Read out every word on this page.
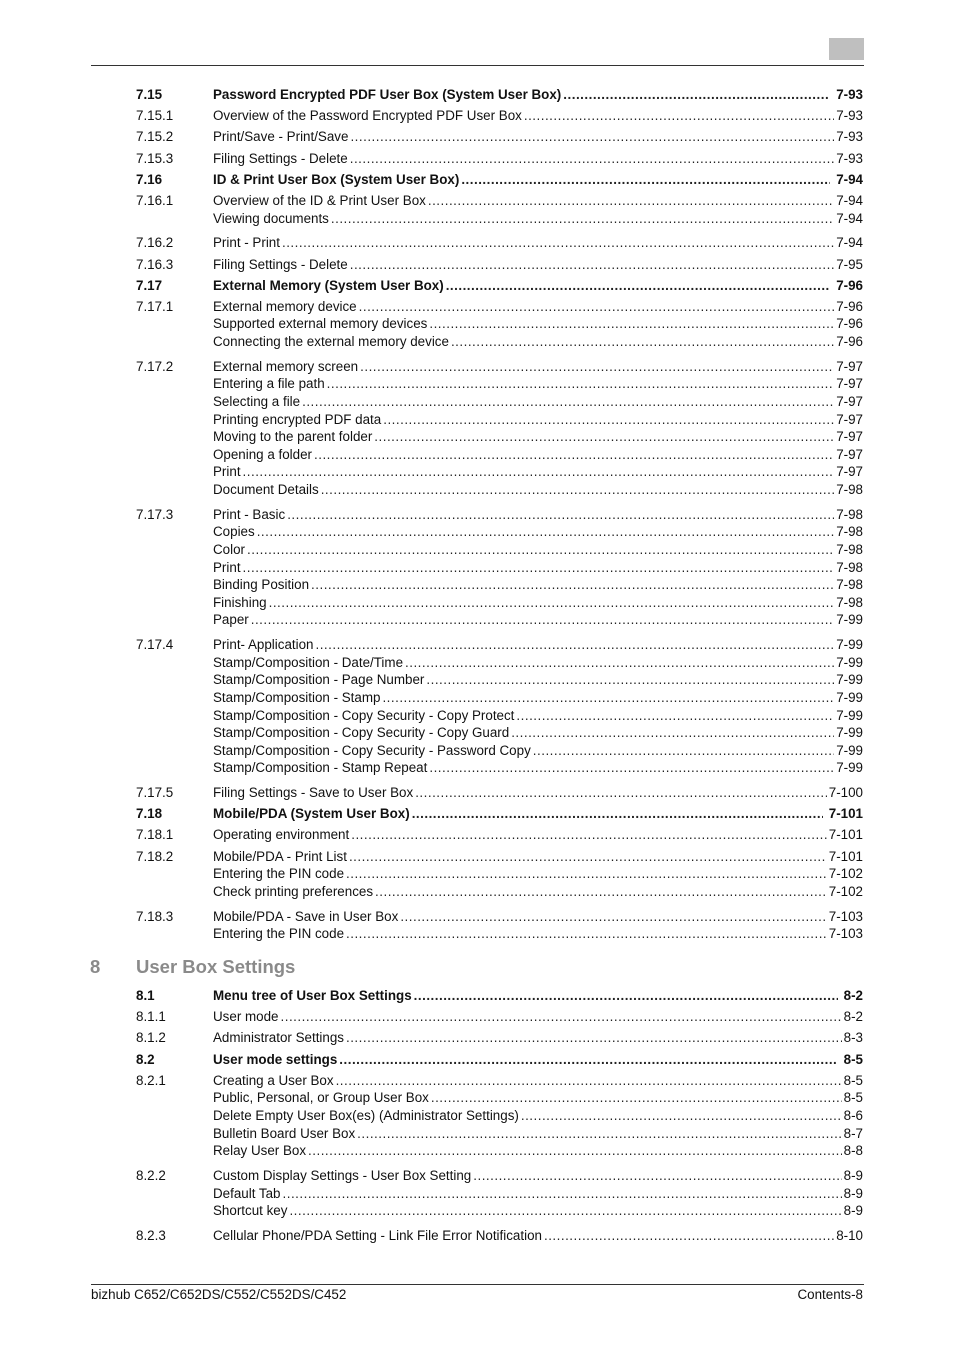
7.15	Password Encrypted PDF User Box (System User Box) .....	7-93
7.15.1	Overview of the Password Encrypted PDF User Box .....	7-93
7.15.2	Print/Save - Print/Save .....	7-93
7.15.3	Filing Settings - Delete .....	7-93
7.16	ID & Print User Box (System User Box) .....	7-94
7.16.1	Overview of the ID & Print User Box .....	7-94
Viewing documents .....	7-94
7.16.2	Print - Print .....	7-94
7.16.3	Filing Settings - Delete .....	7-95
7.17	External Memory (System User Box) .....	7-96
7.17.1	External memory device .....	7-96
Supported external memory devices .....	7-96
Connecting the external memory device .....	7-96
7.17.2	External memory screen .....	7-97
Entering a file path .....	7-97
Selecting a file .....	7-97
Printing encrypted PDF data .....	7-97
Moving to the parent folder .....	7-97
Opening a folder .....	7-97
Print .....	7-97
Document Details .....	7-98
7.17.3	Print - Basic .....	7-98
Copies .....	7-98
Color .....	7-98
Print .....	7-98
Binding Position .....	7-98
Finishing .....	7-98
Paper .....	7-99
7.17.4	Print- Application .....	7-99
Stamp/Composition - Date/Time .....	7-99
Stamp/Composition - Page Number .....	7-99
Stamp/Composition - Stamp .....	7-99
Stamp/Composition - Copy Security - Copy Protect .....	7-99
Stamp/Composition - Copy Security - Copy Guard .....	7-99
Stamp/Composition - Copy Security - Password Copy .....	7-99
Stamp/Composition - Stamp Repeat .....	7-99
7.17.5	Filing Settings - Save to User Box .....	7-100
7.18	Mobile/PDA (System User Box) .....	7-101
7.18.1	Operating environment .....	7-101
7.18.2	Mobile/PDA - Print List .....	7-101
Entering the PIN code .....	7-102
Check printing preferences .....	7-102
7.18.3	Mobile/PDA - Save in User Box .....	7-103
Entering the PIN code .....	7-103
8 User Box Settings
8.1	Menu tree of User Box Settings .....	8-2
8.1.1	User mode .....	8-2
8.1.2	Administrator Settings .....	8-3
8.2	User mode settings .....	8-5
8.2.1	Creating a User Box .....	8-5
Public, Personal, or Group User Box .....	8-5
Delete Empty User Box(es) (Administrator Settings) .....	8-6
Bulletin Board User Box .....	8-7
Relay User Box .....	8-8
8.2.2	Custom Display Settings - User Box Setting .....	8-9
Default Tab .....	8-9
Shortcut key .....	8-9
8.2.3	Cellular Phone/PDA Setting - Link File Error Notification .....	8-10
bizhub C652/C652DS/C552/C552DS/C452	Contents-8
